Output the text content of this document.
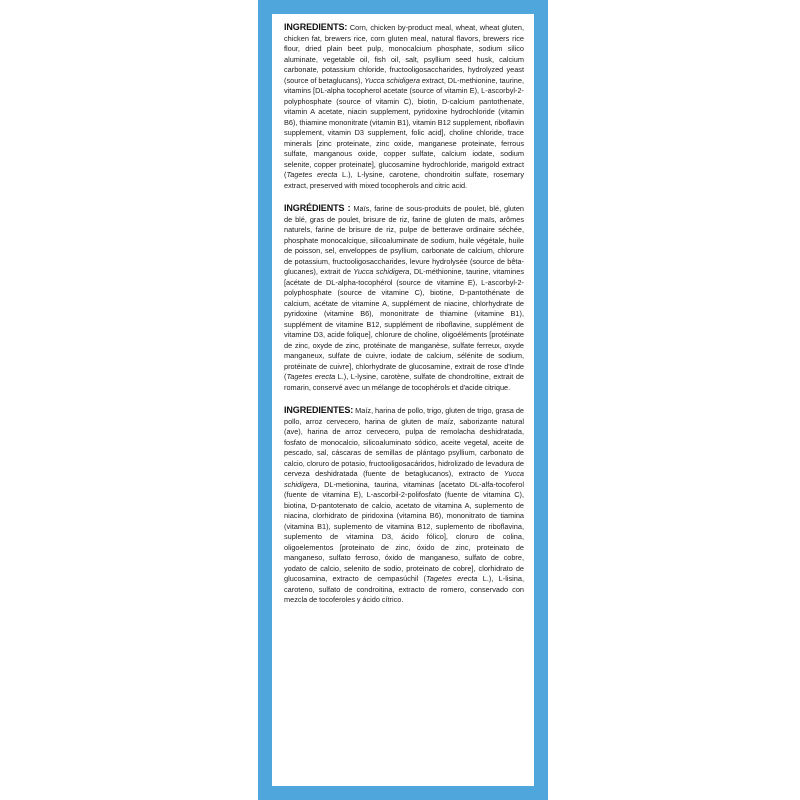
INGREDIENTS: Corn, chicken by-product meal, wheat, wheat gluten, chicken fat, brewers rice, corn gluten meal, natural flavors, brewers rice flour, dried plain beet pulp, monocalcium phosphate, sodium silico aluminate, vegetable oil, fish oil, salt, psyllium seed husk, calcium carbonate, potassium chloride, fructooligosaccharides, hydrolyzed yeast (source of betaglucans), Yucca schidigera extract, DL-methionine, taurine, vitamins [DL-alpha tocopherol acetate (source of vitamin E), L-ascorbyl-2-polyphosphate (source of vitamin C), biotin, D-calcium pantothenate, vitamin A acetate, niacin supplement, pyridoxine hydrochloride (vitamin B6), thiamine mononitrate (vitamin B1), vitamin B12 supplement, riboflavin supplement, vitamin D3 supplement, folic acid], choline chloride, trace minerals [zinc proteinate, zinc oxide, manganese proteinate, ferrous sulfate, manganous oxide, copper sulfate, calcium iodate, sodium selenite, copper proteinate], glucosamine hydrochloride, marigold extract (Tagetes erecta L.), L-lysine, carotene, chondroitin sulfate, rosemary extract, preserved with mixed tocopherols and citric acid.

INGRÉDIENTS : Maïs, farine de sous-produits de poulet, blé, gluten de blé, gras de poulet, brisure de riz, farine de gluten de maïs, arômes naturels, farine de brisure de riz, pulpe de betterave ordinaire séchée, phosphate monocalcique, silicoaluminate de sodium, huile végétale, huile de poisson, sel, enveloppes de psyllium, carbonate de calcium, chlorure de potassium, fructooligosaccharides, levure hydrolysée (source de bêta-glucanes), extrait de Yucca schidigera, DL-méthionine, taurine, vitamines [acétate de DL-alpha-tocophérol (source de vitamine E), L-ascorbyl-2-polyphosphate (source de vitamine C), biotine, D-pantothénate de calcium, acétate de vitamine A, supplément de niacine, chlorhydrate de pyridoxine (vitamine B6), mononitrate de thiamine (vitamine B1), supplément de vitamine B12, supplément de riboflavine, supplément de vitamine D3, acide folique], chlorure de choline, oligoéléments [protéinate de zinc, oxyde de zinc, protéinate de manganèse, sulfate ferreux, oxyde manganeux, sulfate de cuivre, iodate de calcium, sélénite de sodium, protéinate de cuivre], chlorhydrate de glucosamine, extrait de rose d'Inde (Tagetes erecta L.), L-lysine, carotène, sulfate de chondroïtine, extrait de romarin, conservé avec un mélange de tocophérols et d'acide citrique.

INGREDIENTES: Maíz, harina de pollo, trigo, gluten de trigo, grasa de pollo, arroz cervecero, harina de gluten de maíz, saborizante natural (ave), harina de arroz cervecero, pulpa de remolacha deshidratada, fosfato de monocalcio, silicoaluminato sódico, aceite vegetal, aceite de pescado, sal, cáscaras de semillas de plántago psyllium, carbonato de calcio, cloruro de potasio, fructooligosacáridos, hidrolizado de levadura de cerveza deshidratada (fuente de betaglucanos), extracto de Yucca schidigera, DL-metionina, taurina, vitaminas [acetato DL-alfa-tocoferol (fuente de vitamina E), L-ascorbil-2-polifosfato (fuente de vitamina C), biotina, D-pantotenato de calcio, acetato de vitamina A, suplemento de niacina, clorhidrato de piridoxina (vitamina B6), mononitrato de tiamina (vitamina B1), suplemento de vitamina B12, suplemento de riboflavina, suplemento de vitamina D3, ácido fólico], cloruro de colina, oligoelementos [proteinato de zinc, óxido de zinc, proteinato de manganeso, sulfato ferroso, óxido de manganeso, sulfato de cobre, yodato de calcio, selenito de sodio, proteinato de cobre], clorhidrato de glucosamina, extracto de cempasúchil (Tagetes erecta L.), L-lisina, caroteno, sulfato de condroitina, extracto de romero, conservado con mezcla de tocoferoles y ácido cítrico.
